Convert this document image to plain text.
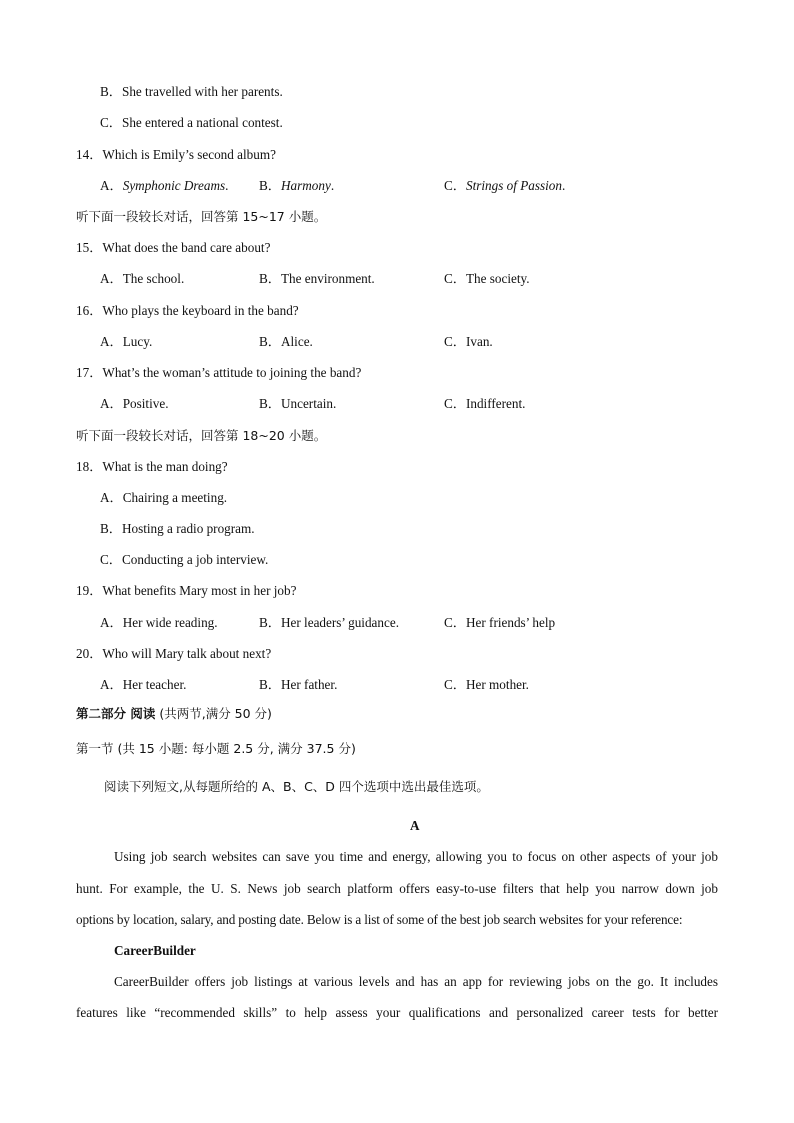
B．She travelled with her parents.
C．She entered a national contest.
14．Which is Emily’s second album?
A．Symphonic Dreams. B．Harmony.	C．Strings of Passion.
听下面一段较长对话，回答第 15~17 小题。
15．What does the band care about?
A．The school.	B．The environment.	C．The society.
16．Who plays the keyboard in the band?
A．Lucy.	B．Alice.	C．Ivan.
17．What’s the woman’s attitude to joining the band?
A．Positive.	B．Uncertain.	C．Indifferent.
听下面一段较长对话，回答第 18~20 小题。
18．What is the man doing?
A．Chairing a meeting.
B．Hosting a radio program.
C．Conducting a job interview.
19．What benefits Mary most in her job?
A．Her wide reading.	B．Her leaders’ guidance.	C．Her friends’ help
20．Who will Mary talk about next?
A．Her teacher.	B．Her father.	C．Her mother.
第二部分 阅读 (共两节,满分 50 分)
第一节 (共 15 小题: 每小题 2.5 分, 满分 37.5 分)
阅读下列短文,从每题所给的 A、B、C、D 四个选项中选出最佳选项。
A
Using job search websites can save you time and energy, allowing you to focus on other aspects of your job
hunt. For example, the U. S. News job search platform offers easy-to-use filters that help you narrow down job
options by location, salary, and posting date. Below is a list of some of the best job search websites for your reference:
CareerBuilder
CareerBuilder offers job listings at various levels and has an app for reviewing jobs on the go. It includes
features like “recommended skills” to help assess your qualifications and personalized career tests for better
